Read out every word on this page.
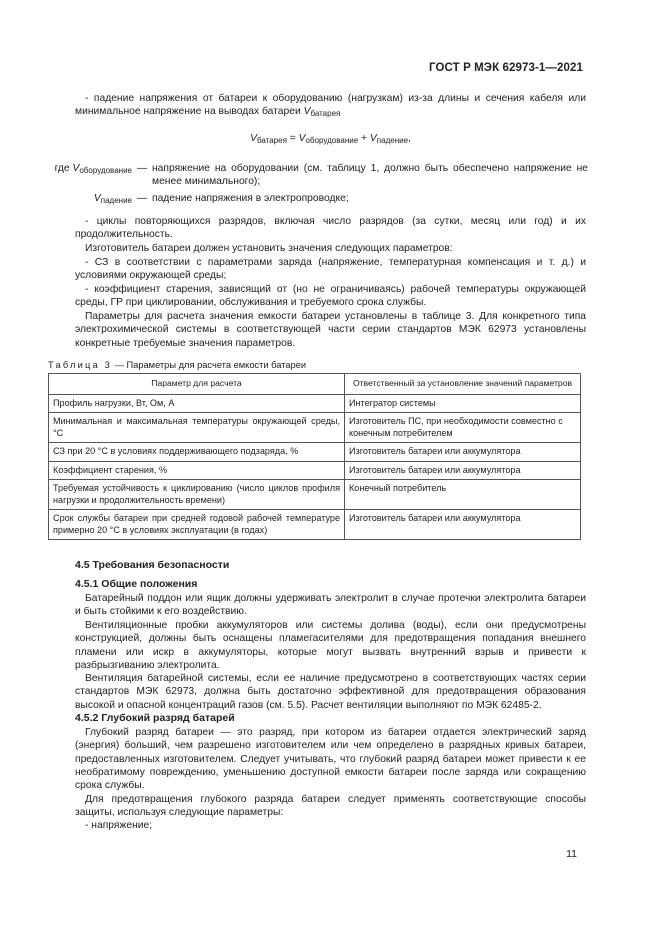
ГОСТ Р МЭК 62973-1—2021
- падение напряжения от батареи к оборудованию (нагрузкам) из-за длины и сечения кабеля или минимальное напряжение на выводах батареи $V_{батарея}$
$V_{батарея} = V_{оборудование} + V_{падение}$,
где $V_{оборудование}$ — напряжение на оборудовании (см. таблицу 1, должно быть обеспечено напряжение не менее минимального);
$V_{падение}$ — падение напряжения в электропроводке;
- циклы повторяющихся разрядов, включая число разрядов (за сутки, месяц или год) и их продолжительность.
Изготовитель батареи должен установить значения следующих параметров:
- СЗ в соответствии с параметрами заряда (напряжение, температурная компенсация и т. д.) и условиями окружающей среды;
- коэффициент старения, зависящий от (но не ограничиваясь) рабочей температуры окружающей среды, ГР при циклировании, обслуживания и требуемого срока службы.
Параметры для расчета значения емкости батареи установлены в таблице 3. Для конкретного типа электрохимической системы в соответствующей части серии стандартов МЭК 62973 установлены конкретные требуемые значения параметров.
Таблица 3 — Параметры для расчета емкости батареи
Параметр для расчета	Ответственный за установление значений параметров
Профиль нагрузки, Вт, Ом, А	Интегратор системы
Минимальная и максимальная температуры окружающей среды, °С	Изготовитель ПС, при необходимости совместно с конечным потребителем
СЗ при 20 °С в условиях поддерживающего подзаряда, %	Изготовитель батареи или аккумулятора
Коэффициент старения, %	Изготовитель батареи или аккумулятора
Требуемая устойчивость к циклированию (число циклов профиля нагрузки и продолжительность времени)	Конечный потребитель
Срок службы батареи при средней годовой рабочей температуре примерно 20 °С в условиях эксплуатации (в годах)	Изготовитель батареи или аккумулятора
4.5 Требования безопасности
4.5.1 Общие положения
Батарейный поддон или ящик должны удерживать электролит в случае протечки электролита батареи и быть стойкими к его воздействию.
Вентиляционные пробки аккумуляторов или системы долива (воды), если они предусмотрены конструкцией, должны быть оснащены пламегасителями для предотвращения попадания внешнего пламени или искр в аккумуляторы, которые могут вызвать внутренний взрыв и привести к разбрызгиванию электролита.
Вентиляция батарейной системы, если ее наличие предусмотрено в соответствующих частях серии стандартов МЭК 62973, должна быть достаточно эффективной для предотвращения образования высокой и опасной концентраций газов (см. 5.5). Расчет вентиляции выполняют по МЭК 62485-2.
4.5.2 Глубокий разряд батарей
Глубокий разряд батареи — это разряд, при котором из батареи отдается электрический заряд (энергия) больший, чем разрешено изготовителем или чем определено в разрядных кривых батареи, предоставленных изготовителем. Следует учитывать, что глубокий разряд батареи может привести к ее необратимому повреждению, уменьшению доступной емкости батареи после заряда или сокращению срока службы.
Для предотвращения глубокого разряда батареи следует применять соответствующие способы защиты, используя следующие параметры:
- напряжение;
11
